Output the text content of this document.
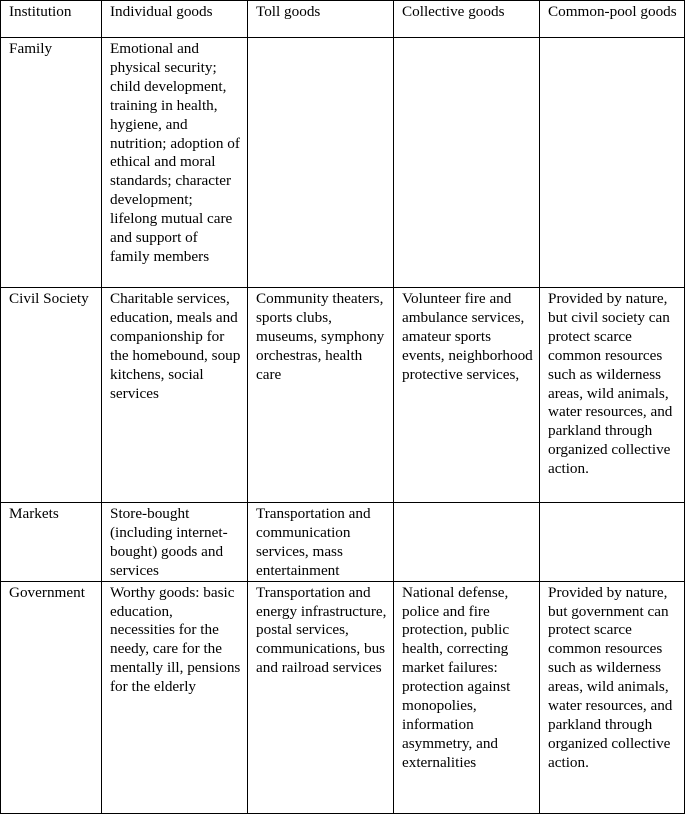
Institution	Individual goods	Toll goods	Collective goods	Common-pool goods
Family	Emotional and physical security; child development, training in health, hygiene, and nutrition; adoption of ethical and moral standards; character development; lifelong mutual care and support of family members			
Civil Society	Charitable services, education, meals and companionship for the homebound, soup kitchens, social services	Community theaters, sports clubs, museums, symphony orchestras, health care	Volunteer fire and ambulance services, amateur sports events, neighborhood protective services,	Provided by nature, but civil society can protect scarce common resources such as wilderness areas, wild animals, water resources, and parkland through organized collective action.
Markets	Store-bought (including internet-bought) goods and services	Transportation and communication services, mass entertainment		
Government	Worthy goods: basic education, necessities for the needy, care for the mentally ill, pensions for the elderly	Transportation and energy infrastructure, postal services, communications, bus and railroad services	National defense, police and fire protection, public health, correcting market failures: protection against monopolies, information asymmetry, and externalities	Provided by nature, but government can protect scarce common resources such as wilderness areas, wild animals, water resources, and parkland through organized collective action.
